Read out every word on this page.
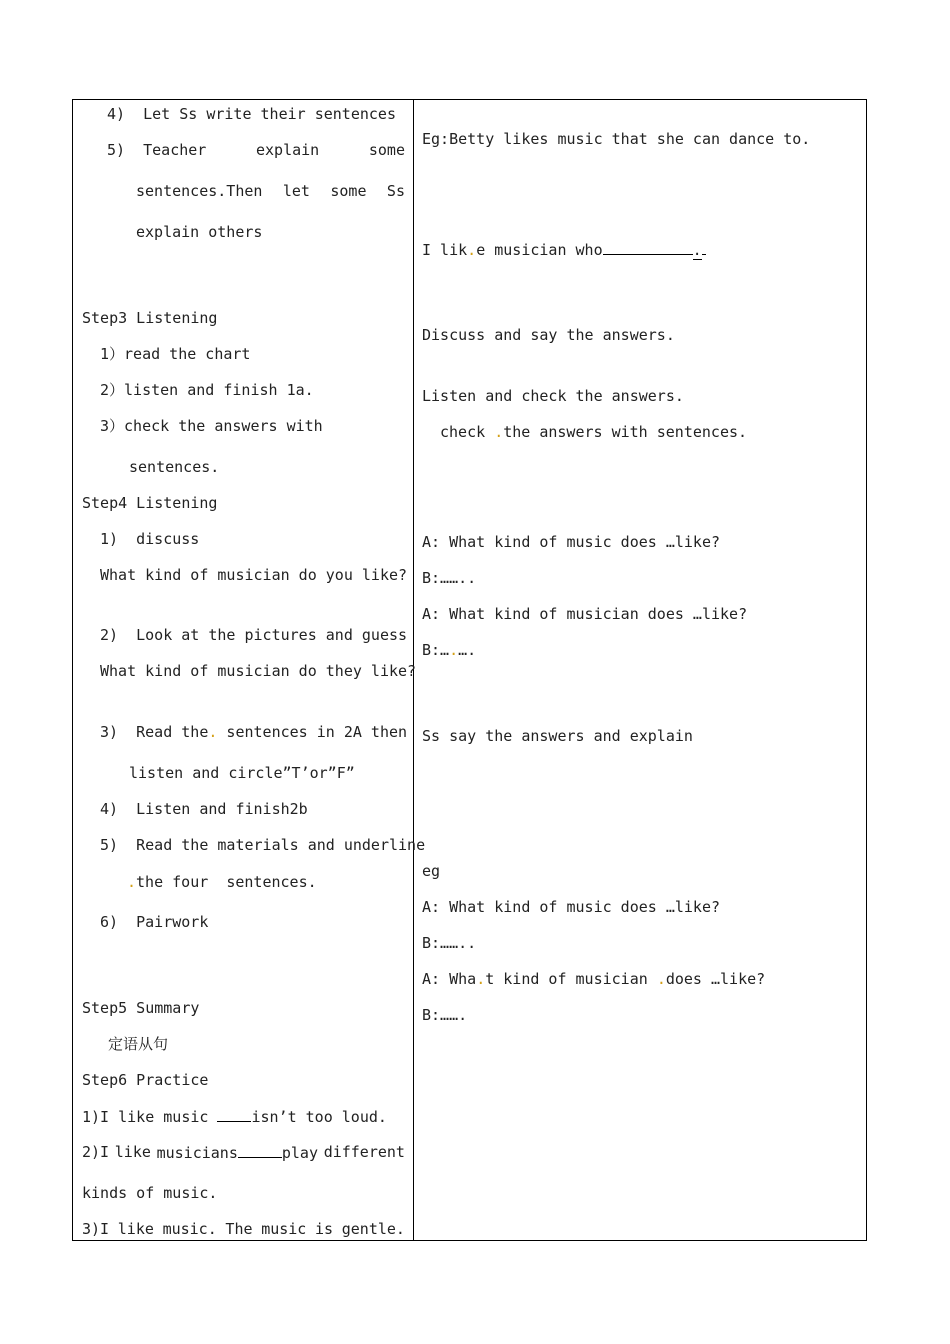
4)  Let Ss write their sentences
5)  Teacher	explain	some
sentences.Then let some Ss
explain others
Step3 Listening
1）read the chart
2）listen and finish 1a.
3）check the answers with
sentences.
Step4 Listening
1)  discuss
What kind of musician do you like?
2)  Look at the pictures and guess
What kind of musician do they like?
3)  Read the. sentences in 2A then
listen and circle”T’or”F”
4)  Listen and finish2b
5)  Read the materials and underline
.the four  sentences.
6)  Pairwork
Step5 Summary
定语从句
Step6 Practice
1)I like music isn’t too loud.
2)I like musicians	play different
kinds of music.
3)I like music. The music is gentle.
Eg:Betty likes music that she can dance to.
I lik.e musician who	.
Discuss and say the answers.
Listen and check the answers.
check .the answers with sentences.
A: What kind of music does …like?
B:……..
A: What kind of musician does …like?
B:….….
Ss say the answers and explain
eg
A: What kind of music does …like?
B:……..
A: Wha.t kind of musician .does …like?
B:…….
